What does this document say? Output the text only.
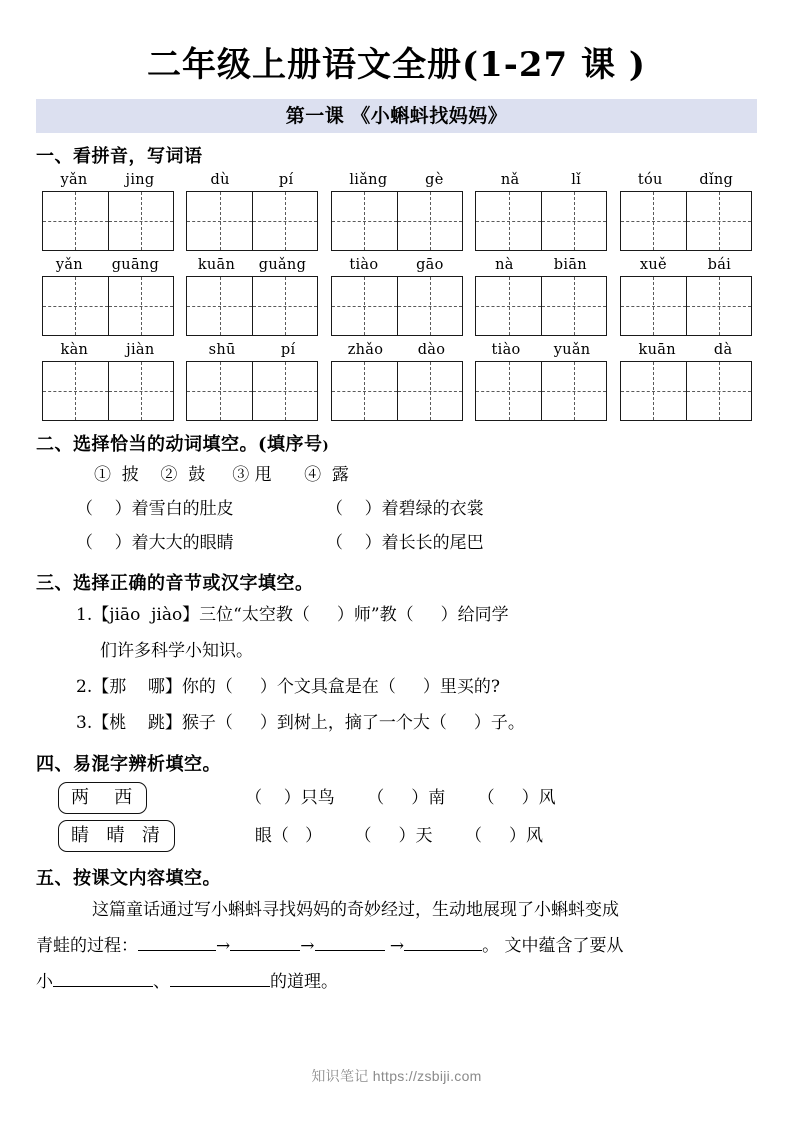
二年级上册语文全册(1-27 课 )
第一课 《小蝌蚪找妈妈》
一、看拼音，写词语
yǎn	jing	dù	pí	liǎng	gè	nǎ	lǐ	tóu	dǐng
yǎn guāng	kuān guǎng	tiào	gāo	nà	biān	xuě	bái
kàn	jiàn	shū	pí	zhǎo dào	tiào yuǎn	kuān	dà
二、选择恰当的动词填空。(填序号)
①  披    ②  鼓     ③ 甩      ④  露
（    ）着雪白的肚皮	（    ）着碧绿的衣裳
（    ）着大大的眼睛	（    ）着长长的尾巴
三、选择正确的音节或汉字填空。
1.【jiāo  jiào】三位“太空教（     ）师”教（     ）给同学
们许多科学小知识。
2.【那    哪】你的（     ）个文具盒是在（     ）里买的?
3.【桃    跳】猴子（     ）到树上，摘了一个大（     ）子。
四、易混字辨析填空。
两   西	（    ）只鸟      （     ）南      （     ）风
睛  晴  清	眼（   ）      （     ）天      （     ）风
五、按课文内容填空。
这篇童话通过写小蝌蚪寻找妈妈的奇妙经过，生动地展现了小蝌蚪变成
青蛙的过程：	→	→	→	。 文中蕴含了要从
小	、	的道理。
知识笔记 https://zsbiji.com
